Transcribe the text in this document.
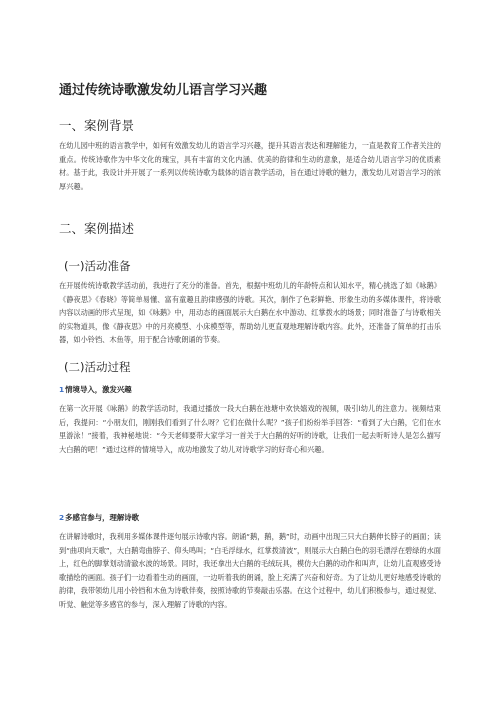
通过传统诗歌激发幼儿语言学习兴趣
一、案例背景

在幼儿园中班的语言教学中，如何有效激发幼儿的语言学习兴趣，提升其语言表达和理解能力，一直是教育工作者关注的重点。传统诗歌作为中华文化的瑰宝，具有丰富的文化内涵、优美的韵律和生动的意象，是适合幼儿语言学习的优质素材。基于此，我设计并开展了一系列以传统诗歌为载体的语言教学活动，旨在通过诗歌的魅力，激发幼儿对语言学习的浓厚兴趣。

二、案例描述
(一)活动准备

在开展传统诗歌教学活动前，我进行了充分的准备。首先，根据中班幼儿的年龄特点和认知水平，精心挑选了如《咏鹅》《静夜思》《春晓》等简单易懂、富有童趣且韵律感强的诗歌。其次，制作了色彩鲜艳、形象生动的多媒体课件，将诗歌内容以动画的形式呈现，如《咏鹅》中，用动态的画面展示大白鹅在水中游动、红掌拨水的场景；同时准备了与诗歌相关的实物道具，像《静夜思》中的月亮模型、小床模型等，帮助幼儿更直观地理解诗歌内容。此外，还准备了简单的打击乐器，如小铃铛、木鱼等，用于配合诗歌朗诵的节奏。

(二)活动过程
1情境导入，激发兴趣

在第一次开展《咏鹅》的教学活动时，我通过播放一段大白鹅在池塘中欢快嬉戏的视频，吸引l幼儿的注意力。视频结束后，我提问：“小朋友们，刚刚我们看到了什么呀？它们在做什么呢？”孩子们纷纷举手回答：“看到了大白鹅，它们在水里游泳！”接着，我神秘地说：“今天老师要带大家学习一首关于大白鹅的好听的诗歌，让我们一起去听听诗人是怎么描写大白鹅的吧！”通过这样的情境导入，成功地激发了幼儿对诗歌学习的好奇心和兴趣。

2多感官参与，理解诗歌

在讲解诗歌时，我利用多媒体课件逐句展示诗歌内容。朗诵“鹅，鹅，鹅”时，动画中出现三只大白鹅伸长脖子的画面；读到“曲项向天歌”，大白鹅弯曲脖子、仰头鸣叫；“白毛浮绿水，红掌拨清波”，则展示大白鹅白色的羽毛漂浮在碧绿的水面上，红色的脚掌划动清澈水波的场景。同时，我还拿出大白鹅的毛绒玩具，模仿大白鹅的动作和叫声，让幼儿直观感受诗歌描绘的画面。孩子们一边看着生动的画面，一边听着我的朗诵，脸上充满了兴奋和好奇。为了让幼儿更好地感受诗歌的韵律，我带领幼儿用小铃铛和木鱼为诗歌伴奏，按照诗歌的节奏敲击乐器。在这个过程中，幼儿们积极参与，通过视觉、听觉、触觉等多感官的参与，深入理解了诗歌的内容。
